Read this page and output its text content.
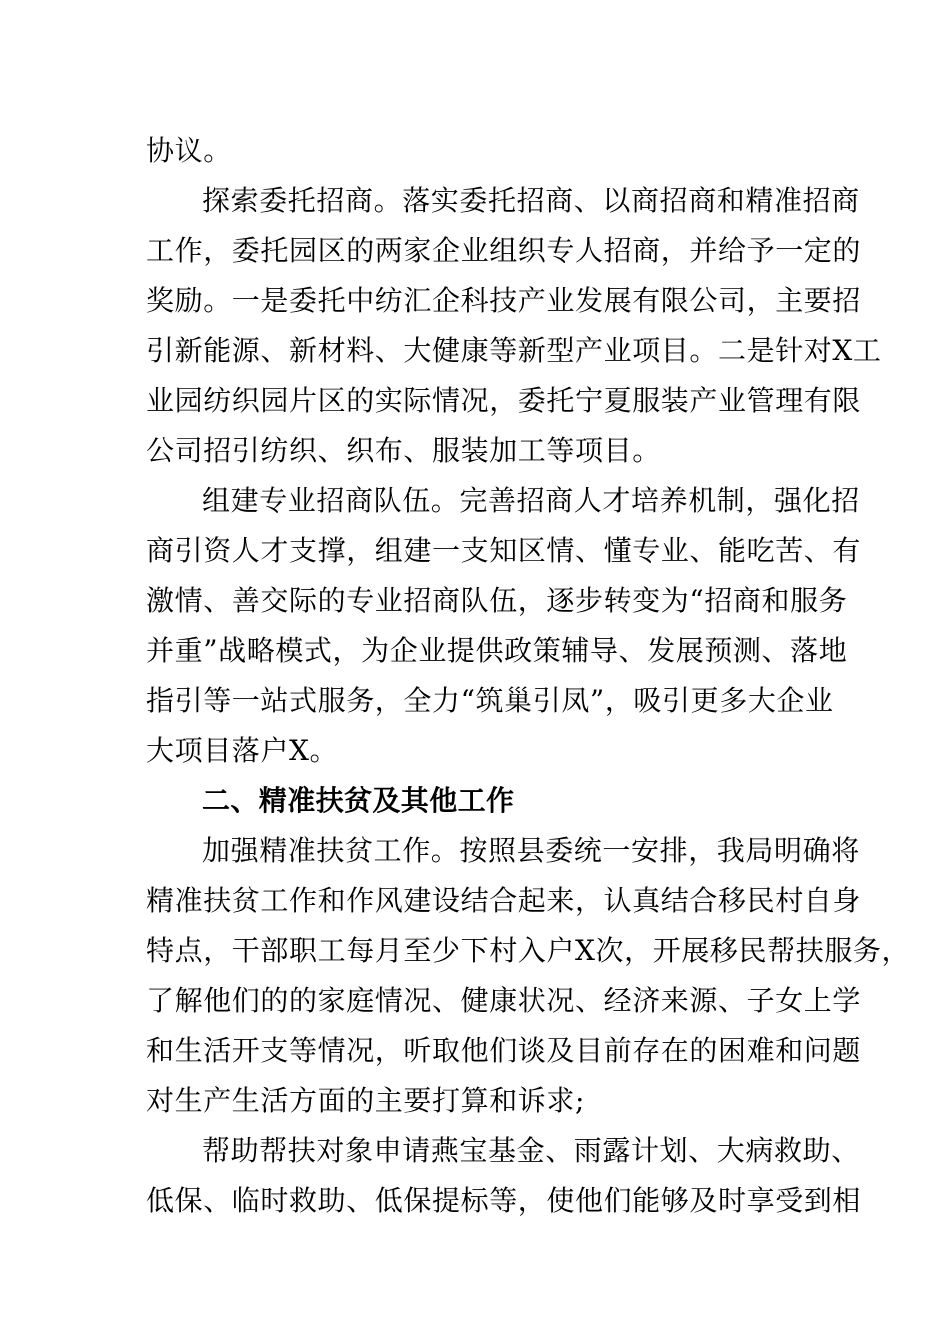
协议。
探索委托招商。落实委托招商、以商招商和精准招商
工作，委托园区的两家企业组织专人招商，并给予一定的
奖励。一是委托中纺汇企科技产业发展有限公司，主要招
引新能源、新材料、大健康等新型产业项目。二是针对X工
业园纺织园片区的实际情况，委托宁夏服装产业管理有限
公司招引纺织、织布、服装加工等项目。
组建专业招商队伍。完善招商人才培养机制，强化招
商引资人才支撑，组建一支知区情、懂专业、能吃苦、有
激情、善交际的专业招商队伍，逐步转变为“招商和服务
并重”战略模式，为企业提供政策辅导、发展预测、落地
指引等一站式服务，全力“筑巢引凤”，吸引更多大企业
大项目落户X。
二、精准扶贫及其他工作
加强精准扶贫工作。按照县委统一安排，我局明确将
精准扶贫工作和作风建设结合起来，认真结合移民村自身
特点，干部职工每月至少下村入户X次，开展移民帮扶服务，
了解他们的的家庭情况、健康状况、经济来源、子女上学
和生活开支等情况，听取他们谈及目前存在的困难和问题
对生产生活方面的主要打算和诉求;
帮助帮扶对象申请燕宝基金、雨露计划、大病救助、
低保、临时救助、低保提标等，使他们能够及时享受到相
